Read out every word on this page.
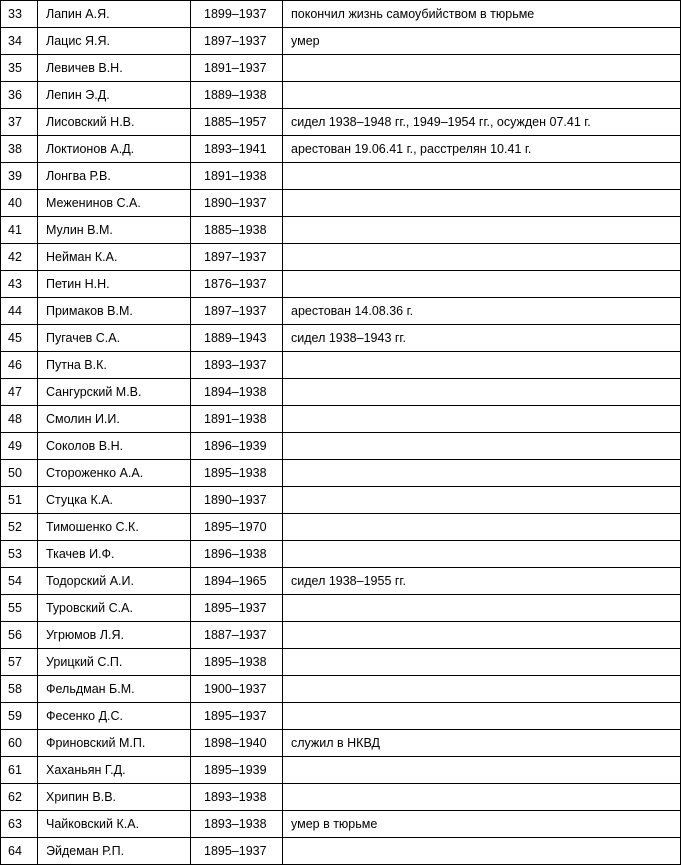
33	Лапин А.Я.	1899–1937	покончил жизнь самоубийством в тюрьме
34	Лацис Я.Я.	1897–1937	умер
35	Левичев В.Н.	1891–1937	
36	Лепин Э.Д.	1889–1938	
37	Лисовский Н.В.	1885–1957	сидел 1938–1948 гг., 1949–1954 гг., осужден 07.41 г.
38	Локтионов А.Д.	1893–1941	арестован 19.06.41 г., расстрелян 10.41 г.
39	Лонгва Р.В.	1891–1938	
40	Меженинов С.А.	1890–1937	
41	Мулин В.М.	1885–1938	
42	Нейман К.А.	1897–1937	
43	Петин Н.Н.	1876–1937	
44	Примаков В.М.	1897–1937	арестован 14.08.36 г.
45	Пугачев С.А.	1889–1943	сидел 1938–1943 гг.
46	Путна В.К.	1893–1937	
47	Сангурский М.В.	1894–1938	
48	Смолин И.И.	1891–1938	
49	Соколов В.Н.	1896–1939	
50	Стороженко А.А.	1895–1938	
51	Стуцка К.А.	1890–1937	
52	Тимошенко С.К.	1895–1970	
53	Ткачев И.Ф.	1896–1938	
54	Тодорский А.И.	1894–1965	сидел 1938–1955 гг.
55	Туровский С.А.	1895–1937	
56	Угрюмов Л.Я.	1887–1937	
57	Урицкий С.П.	1895–1938	
58	Фельдман Б.М.	1900–1937	
59	Фесенко Д.С.	1895–1937	
60	Фриновский М.П.	1898–1940	служил в НКВД
61	Хаханьян Г.Д.	1895–1939	
62	Хрипин В.В.	1893–1938	
63	Чайковский К.А.	1893–1938	умер в тюрьме
64	Эйдеман Р.П.	1895–1937	
